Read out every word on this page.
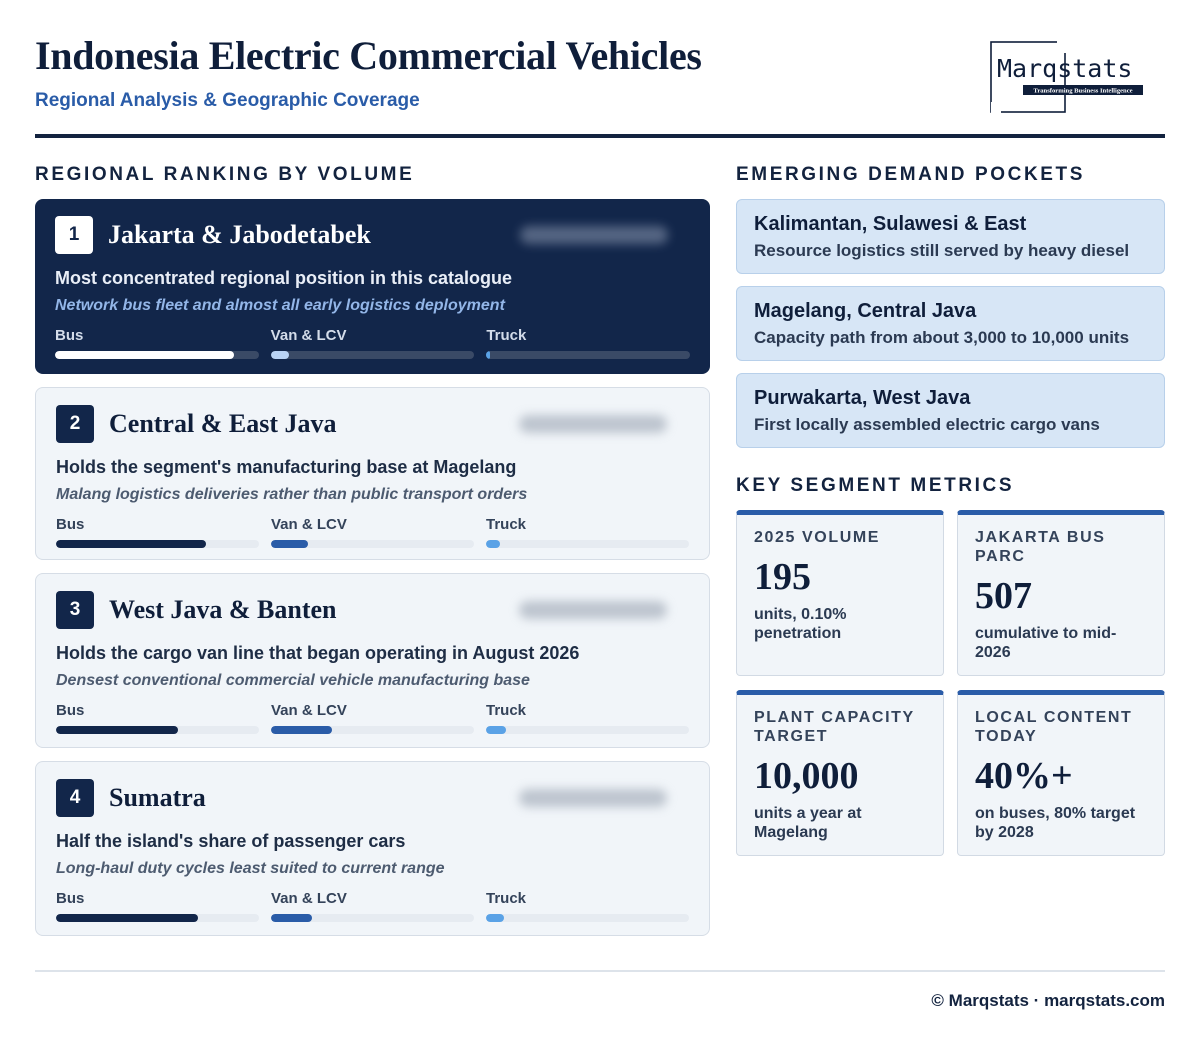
Indonesia Electric Commercial Vehicles
Regional Analysis & Geographic Coverage
Marqstats
Transforming Business Intelligence
REGIONAL RANKING BY VOLUME
1	Jakarta & Jabodetabek
Most concentrated regional position in this catalogue
Network bus fleet and almost all early logistics deployment
Bus	Van & LCV	Truck
2	Central & East Java
Holds the segment's manufacturing base at Magelang
Malang logistics deliveries rather than public transport orders
Bus	Van & LCV	Truck
3	West Java & Banten
Holds the cargo van line that began operating in August 2026
Densest conventional commercial vehicle manufacturing base
Bus	Van & LCV	Truck
4	Sumatra
Half the island's share of passenger cars
Long-haul duty cycles least suited to current range
Bus	Van & LCV	Truck
EMERGING DEMAND POCKETS
Kalimantan, Sulawesi & East
Resource logistics still served by heavy diesel
Magelang, Central Java
Capacity path from about 3,000 to 10,000 units
Purwakarta, West Java
First locally assembled electric cargo vans
KEY SEGMENT METRICS
2025 VOLUME
195
units, 0.10% penetration
JAKARTA BUS PARC
507
cumulative to mid-2026
PLANT CAPACITY TARGET
10,000
units a year at Magelang
LOCAL CONTENT TODAY
40%+
on buses, 80% target by 2028
© Marqstats · marqstats.com
